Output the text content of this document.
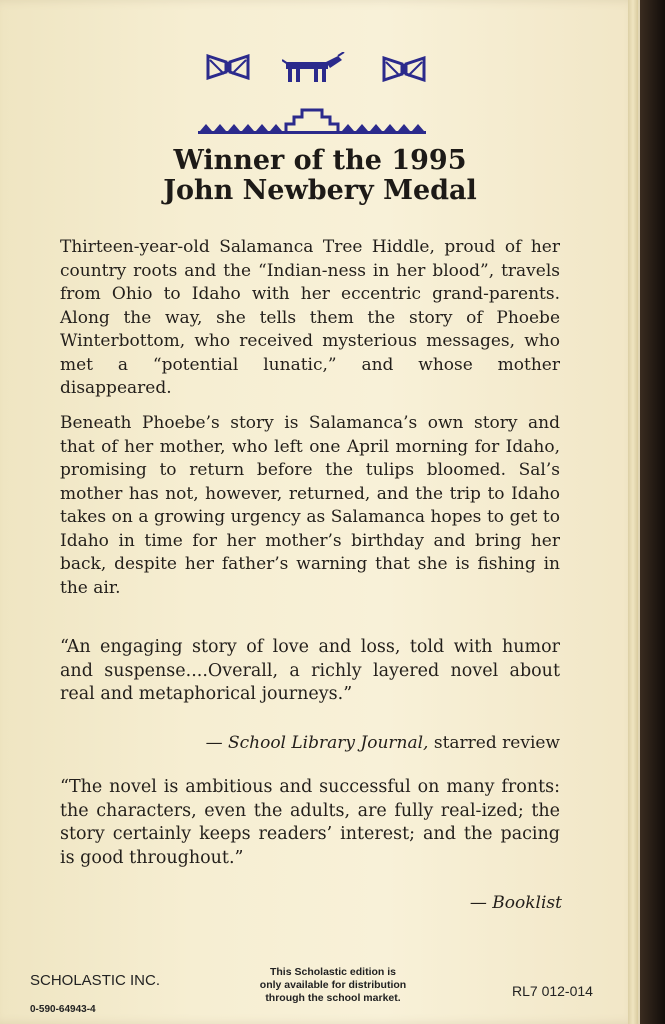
Winner of the 1995
John Newbery Medal
Thirteen-year-old Salamanca Tree Hiddle, proud of her country roots and the “Indian-ness in her blood”, travels from Ohio to Idaho with her eccentric grand-parents. Along the way, she tells them the story of Phoebe Winterbottom, who received mysterious messages, who met a “potential lunatic,” and whose mother disappeared.
Beneath Phoebe’s story is Salamanca’s own story and that of her mother, who left one April morning for Idaho, promising to return before the tulips bloomed. Sal’s mother has not, however, returned, and the trip to Idaho takes on a growing urgency as Salamanca hopes to get to Idaho in time for her mother’s birthday and bring her back, despite her father’s warning that she is fishing in the air.
“An engaging story of love and loss, told with humor and suspense....Overall, a richly layered novel about real and metaphorical journeys.”
— School Library Journal, starred review
“The novel is ambitious and successful on many fronts: the characters, even the adults, are fully real-ized; the story certainly keeps readers’ interest; and the pacing is good throughout.”
— Booklist
SCHOLASTIC INC.
0-590-64943-4
This Scholastic edition is
only available for distribution
through the school market.	RL7 012-014
